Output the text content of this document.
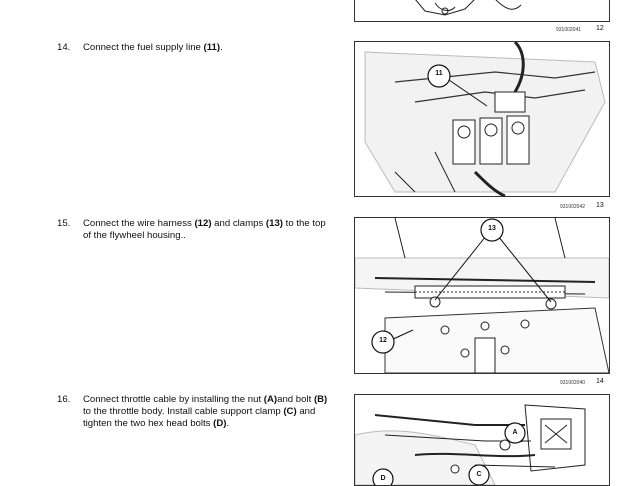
931002041 12
14. Connect the fuel supply line (11).
11
931002042 13
15. Connect the wire harness (12) and clamps (13) to the top of the flywheel housing..
13
12
931002040 14
16. Connect throttle cable by installing the nut (A)and bolt (B) to the throttle body. Install cable support clamp (C) and tighten the two hex head bolts (D).
A
D
C
